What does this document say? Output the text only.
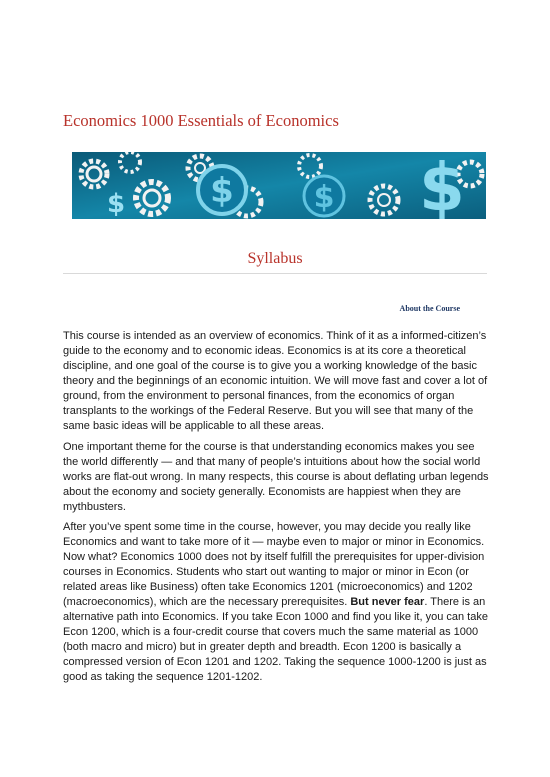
Economics 1000 Essentials of Economics
$	$ $
$
Syllabus
About the Course

This course is intended as an overview of economics. Think of it as a informed-citizen’s guide to the economy and to economic ideas. Economics is at its core a theoretical discipline, and one goal of the course is to give you a working knowledge of the basic theory and the beginnings of an economic intuition. We will move fast and cover a lot of ground, from the environment to personal finances, from the economics of organ transplants to the workings of the Federal Reserve. But you will see that many of the same basic ideas will be applicable to all these areas.

One important theme for the course is that understanding economics makes you see the world differently — and that many of people’s intuitions about how the social world works are flat-out wrong. In many respects, this course is about deflating urban legends about the economy and society generally. Economists are happiest when they are mythbusters.

After you’ve spent some time in the course, however, you may decide you really like Economics and want to take more of it — maybe even to major or minor in Economics. Now what? Economics 1000 does not by itself fulfill the prerequisites for upper-division courses in Economics. Students who start out wanting to major or minor in Econ (or related areas like Business) often take Economics 1201 (microeconomics) and 1202 (macroeconomics), which are the necessary prerequisites. But never fear. There is an alternative path into Economics. If you take Econ 1000 and find you like it, you can take Econ 1200, which is a four-credit course that covers much the same material as 1000 (both macro and micro) but in greater depth and breadth. Econ 1200 is basically a compressed version of Econ 1201 and 1202. Taking the sequence 1000-1200 is just as good as taking the sequence 1201-1202.
